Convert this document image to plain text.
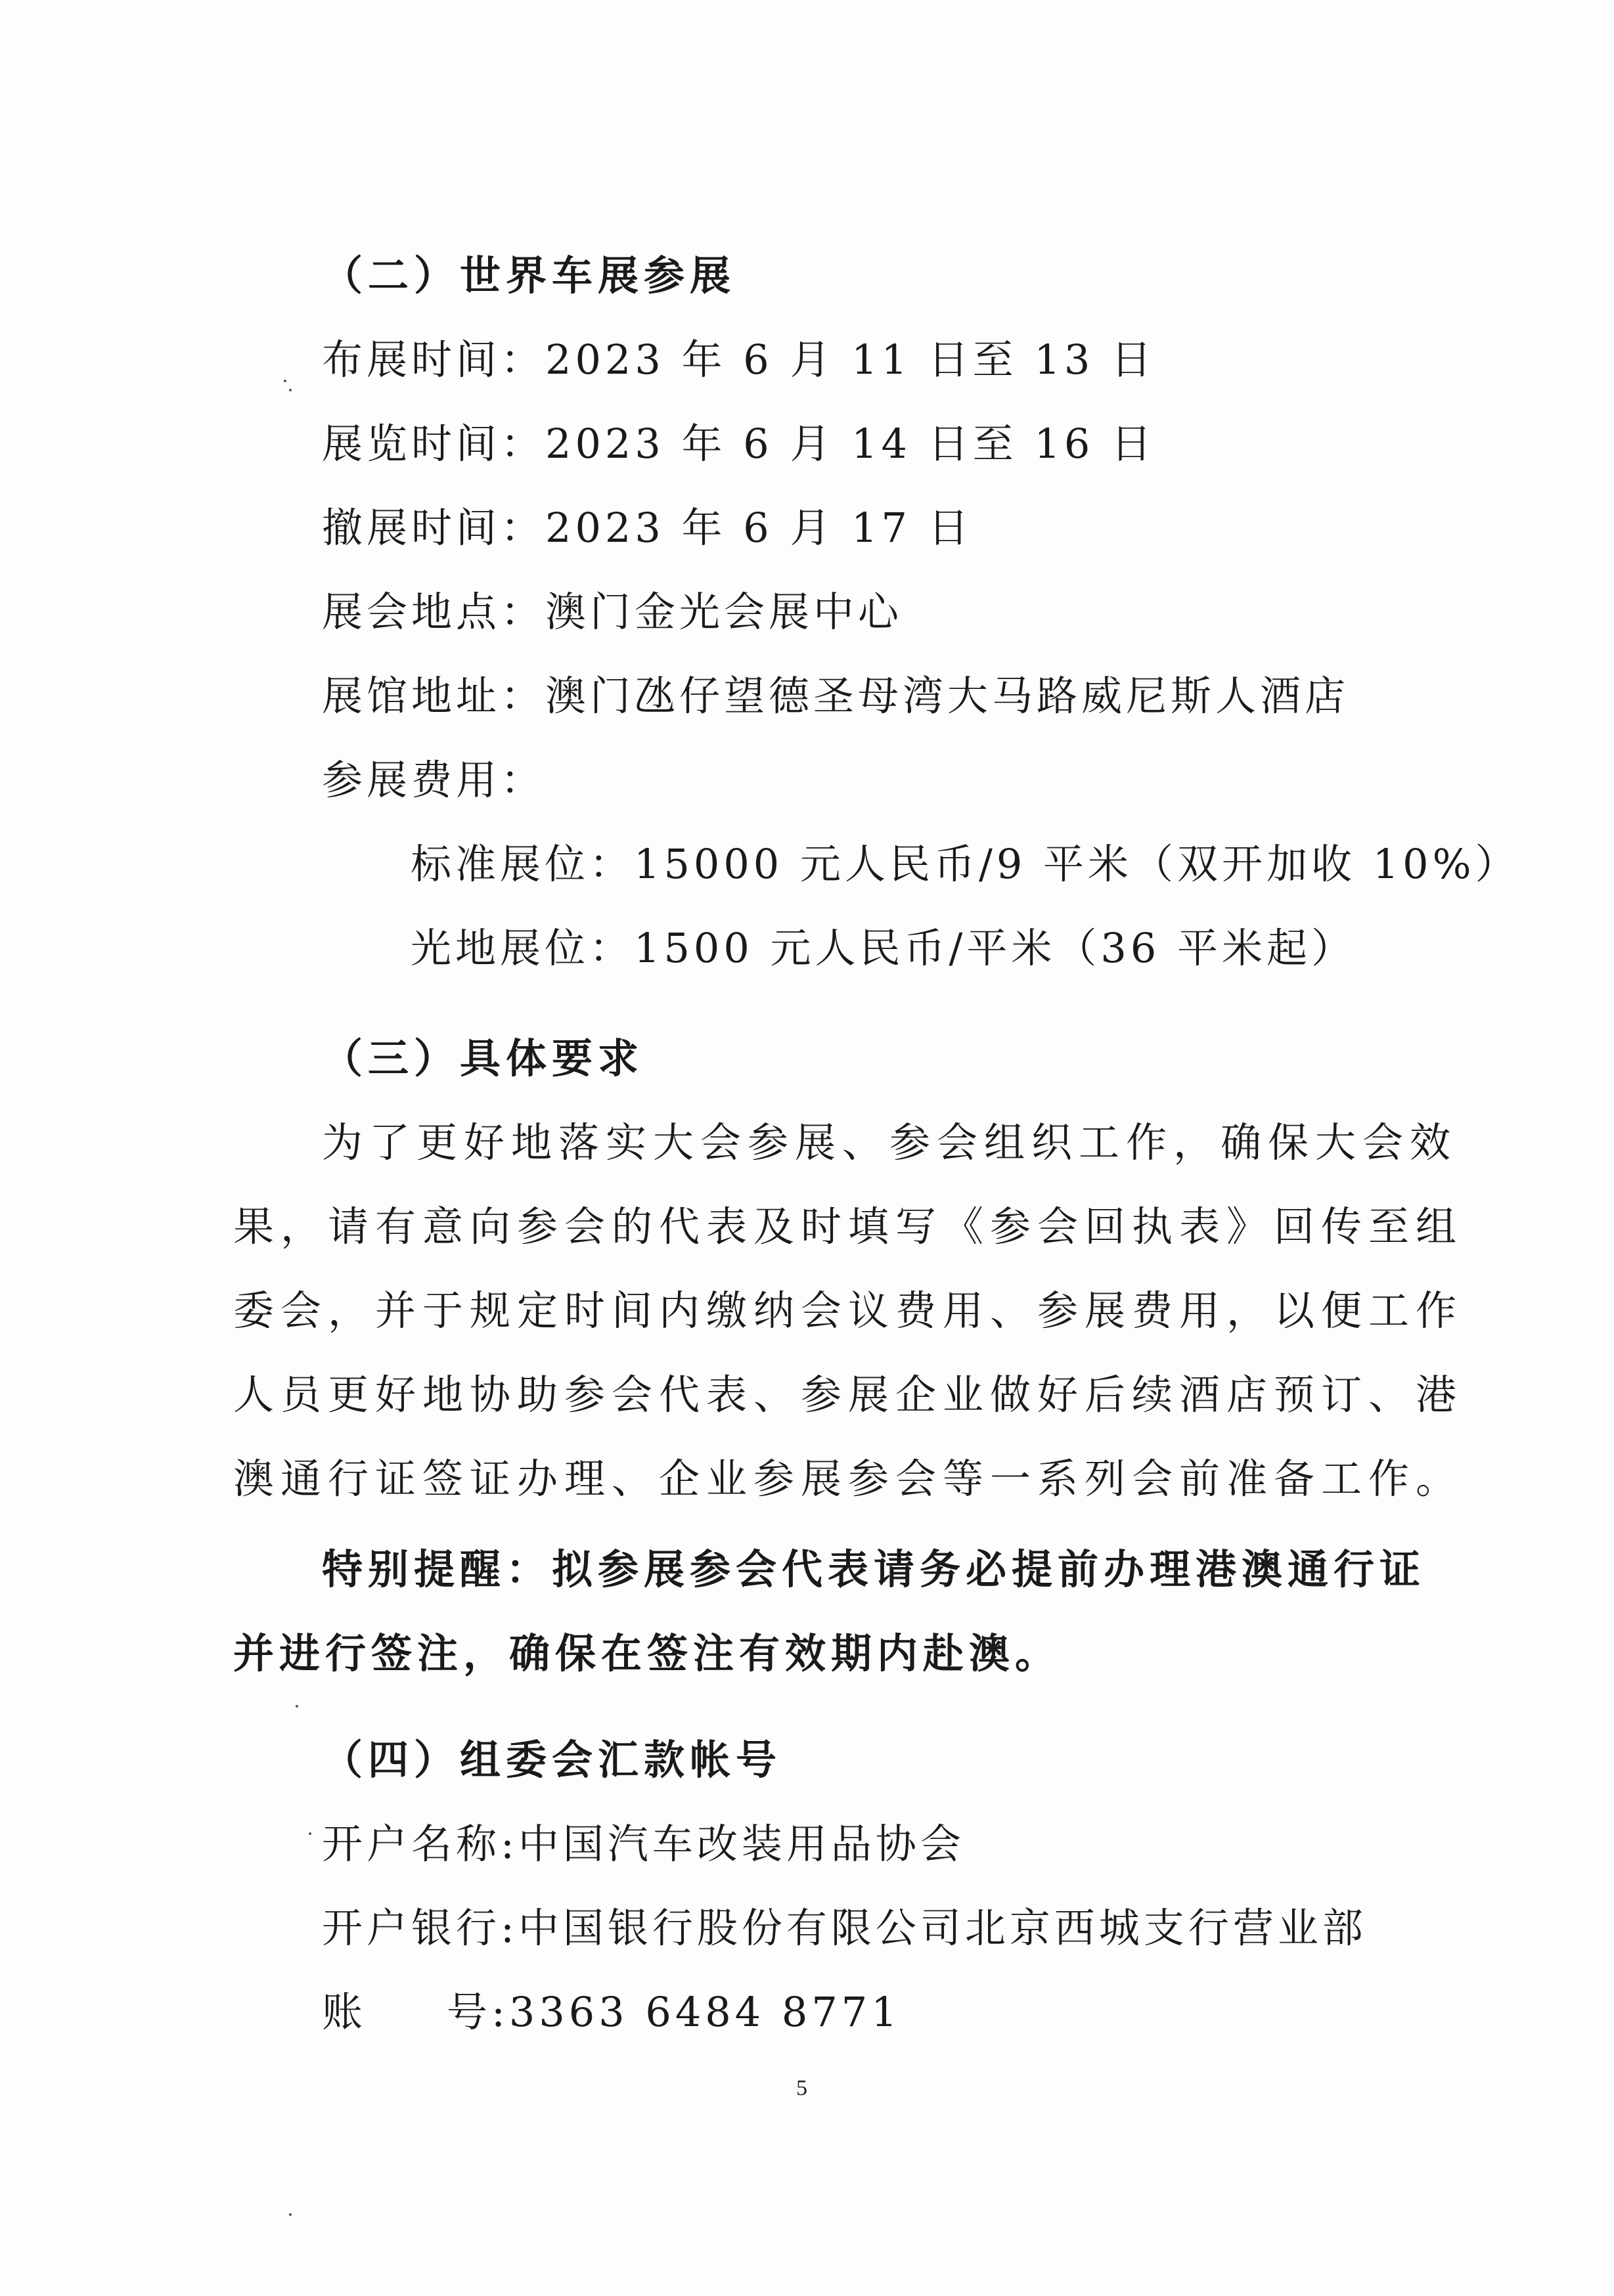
（二）世界车展参展
布展时间：2023 年 6 月 11 日至 13 日
展览时间：2023 年 6 月 14 日至 16 日
撤展时间：2023 年 6 月 17 日
展会地点：澳门金光会展中心
展馆地址：澳门氹仔望德圣母湾大马路威尼斯人酒店
参展费用：
标准展位：15000 元人民币/9 平米（双开加收 10%）
光地展位：1500 元人民币/平米（36 平米起）
（三）具体要求
为了更好地落实大会参展、参会组织工作，确保大会效
果，请有意向参会的代表及时填写《参会回执表》回传至组
委会，并于规定时间内缴纳会议费用、参展费用，以便工作
人员更好地协助参会代表、参展企业做好后续酒店预订、港
澳通行证签证办理、企业参展参会等一系列会前准备工作。
特别提醒：拟参展参会代表请务必提前办理港澳通行证
并进行签注，确保在签注有效期内赴澳。
（四）组委会汇款帐号
开户名称:中国汽车改装用品协会
开户银行:中国银行股份有限公司北京西城支行营业部
账 号:3363 6484 8771
5
